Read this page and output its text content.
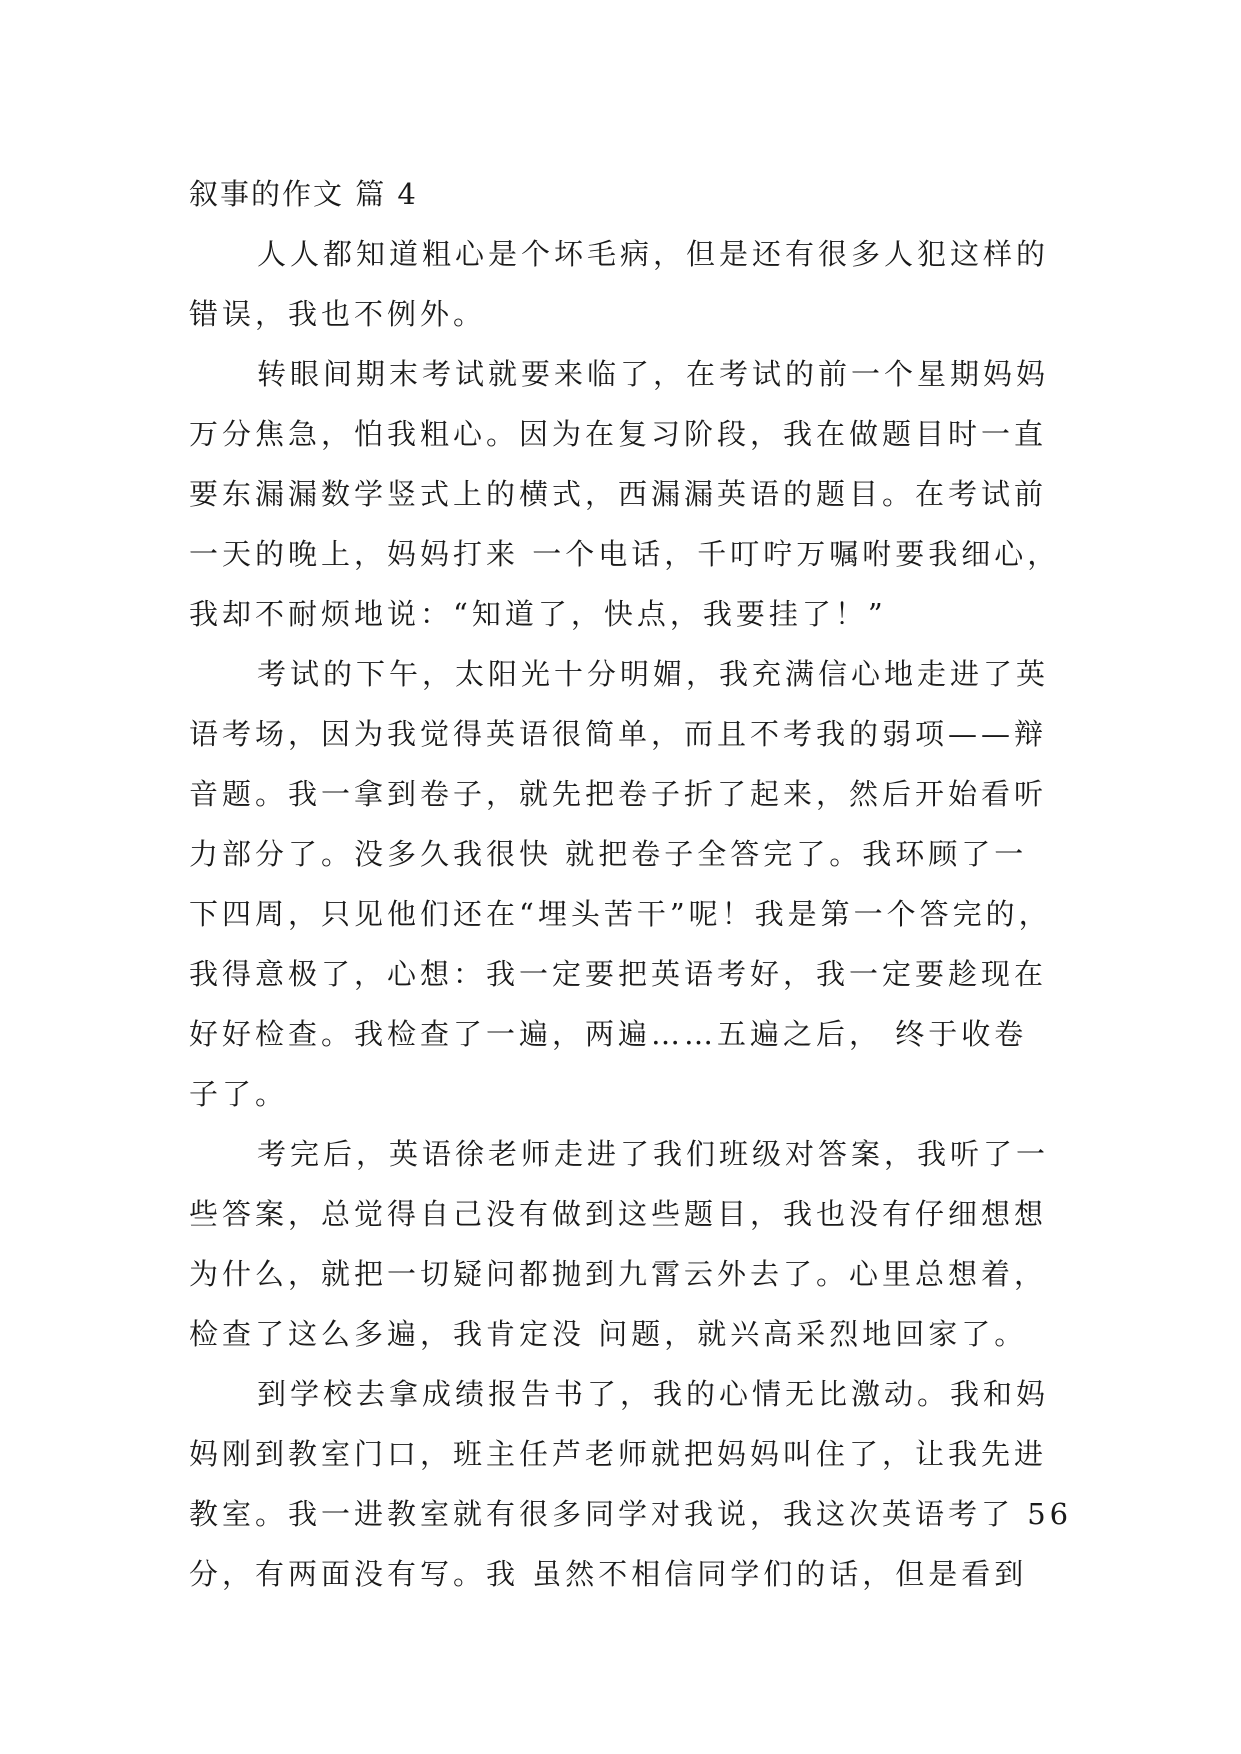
叙事的作文 篇 4

人人都知道粗心是个坏毛病，但是还有很多人犯这样的
错误，我也不例外。

转眼间期末考试就要来临了，在考试的前一个星期妈妈
万分焦急，怕我粗心。因为在复习阶段，我在做题目时一直
要东漏漏数学竖式上的横式，西漏漏英语的题目。在考试前
一天的晚上，妈妈打来 一个电话，千叮咛万嘱咐要我细心，
我却不耐烦地说：“知道了，快点，我要挂了！”

考试的下午，太阳光十分明媚，我充满信心地走进了英
语考场，因为我觉得英语很简单，而且不考我的弱项——辩
音题。我一拿到卷子，就先把卷子折了起来，然后开始看听
力部分了。没多久我很快 就把卷子全答完了。我环顾了一
下四周，只见他们还在“埋头苦干”呢！我是第一个答完的，
我得意极了，心想：我一定要把英语考好，我一定要趁现在
好好检查。我检查了一遍，两遍……五遍之后， 终于收卷
子了。

考完后，英语徐老师走进了我们班级对答案，我听了一
些答案，总觉得自己没有做到这些题目，我也没有仔细想想
为什么，就把一切疑问都抛到九霄云外去了。心里总想着，
检查了这么多遍，我肯定没 问题，就兴高采烈地回家了。

到学校去拿成绩报告书了，我的心情无比激动。我和妈
妈刚到教室门口，班主任芦老师就把妈妈叫住了，让我先进
教室。我一进教室就有很多同学对我说，我这次英语考了 56
分，有两面没有写。我 虽然不相信同学们的话，但是看到
